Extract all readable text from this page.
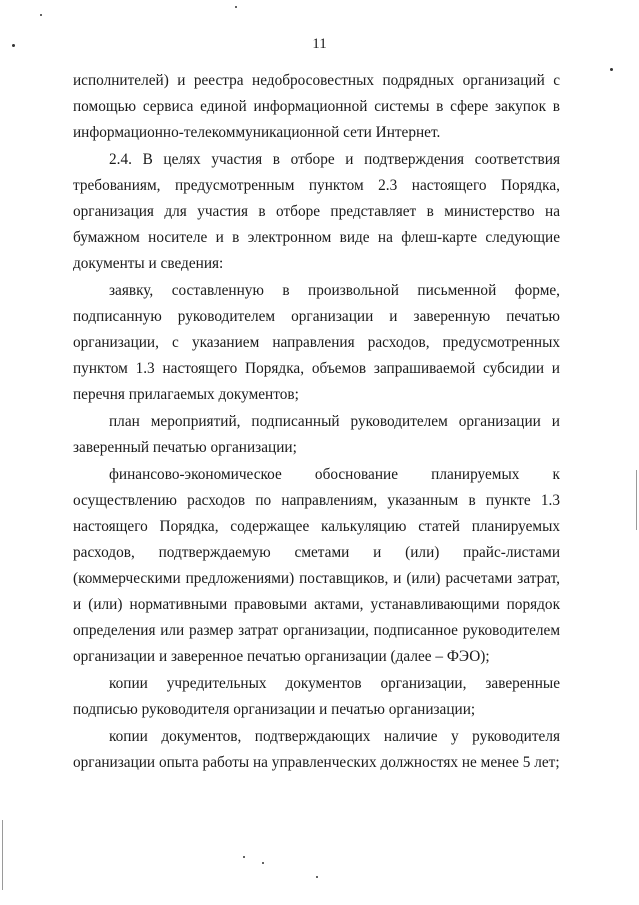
11
исполнителей) и реестра недобросовестных подрядных организаций с
помощью сервиса единой информационной системы в сфере закупок в
информационно-телекоммуникационной сети Интернет.
2.4. В целях участия в отборе и подтверждения соответствия
требованиям, предусмотренным пунктом 2.3 настоящего Порядка,
организация для участия в отборе представляет в министерство на
бумажном носителе и в электронном виде на флеш-карте следующие
документы и сведения:
заявку, составленную в произвольной письменной форме,
подписанную руководителем организации и заверенную печатью
организации, с указанием направления расходов, предусмотренных
пунктом 1.3 настоящего Порядка, объемов запрашиваемой субсидии и
перечня прилагаемых документов;
план мероприятий, подписанный руководителем организации и
заверенный печатью организации;
финансово-экономическое обоснование планируемых к
осуществлению расходов по направлениям, указанным в пункте 1.3
настоящего Порядка, содержащее калькуляцию статей планируемых
расходов, подтверждаемую сметами и (или) прайс-листами
(коммерческими предложениями) поставщиков, и (или) расчетами затрат,
и (или) нормативными правовыми актами, устанавливающими порядок
определения или размер затрат организации, подписанное руководителем
организации и заверенное печатью организации (далее – ФЭО);
копии учредительных документов организации, заверенные
подписью руководителя организации и печатью организации;
копии документов, подтверждающих наличие у руководителя
организации опыта работы на управленческих должностях не менее 5 лет;
